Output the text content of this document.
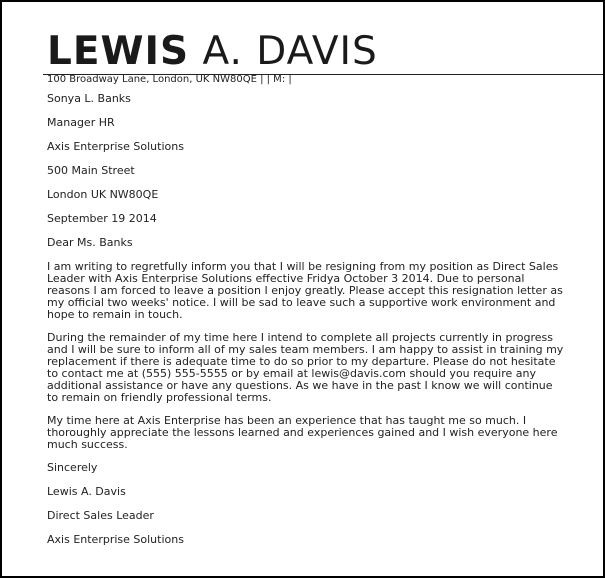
LEWIS A. DAVIS
100 Broadway Lane, London, UK NW80QE | | M: |

Sonya L. Banks

Manager HR

Axis Enterprise Solutions

500 Main Street

London UK NW80QE

September 19 2014

Dear Ms. Banks

I am writing to regretfully inform you that I will be resigning from my position as Direct Sales Leader with Axis Enterprise Solutions effective Fridya October 3 2014. Due to personal reasons I am forced to leave a position I enjoy greatly. Please accept this resignation letter as my official two weeks' notice. I will be sad to leave such a supportive work environment and hope to remain in touch.

During the remainder of my time here I intend to complete all projects currently in progress and I will be sure to inform all of my sales team members. I am happy to assist in training my replacement if there is adequate time to do so prior to my departure. Please do not hesitate to contact me at (555) 555-5555 or by email at lewis@davis.com should you require any additional assistance or have any questions. As we have in the past I know we will continue to remain on friendly professional terms.

My time here at Axis Enterprise has been an experience that has taught me so much. I thoroughly appreciate the lessons learned and experiences gained and I wish everyone here much success.

Sincerely

Lewis A. Davis

Direct Sales Leader

Axis Enterprise Solutions
